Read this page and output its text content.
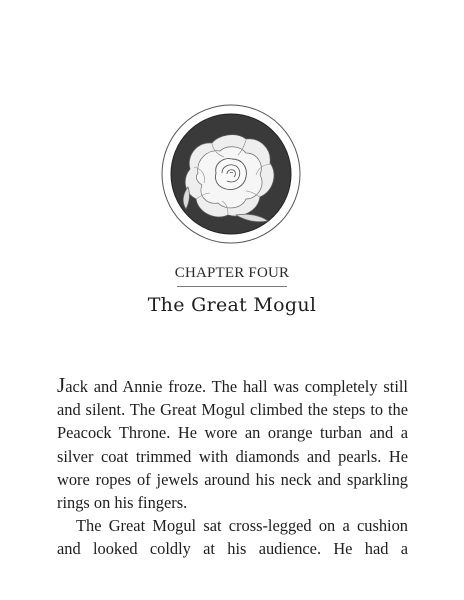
CHAPTER FOUR
The Great Mogul

Jack and Annie froze. The hall was completely still and silent. The Great Mogul climbed the steps to the Peacock Throne. He wore an orange turban and a silver coat trimmed with diamonds and pearls. He wore ropes of jewels around his neck and sparkling rings on his fingers.

The Great Mogul sat cross-legged on a cushion and looked coldly at his audience. He had a
